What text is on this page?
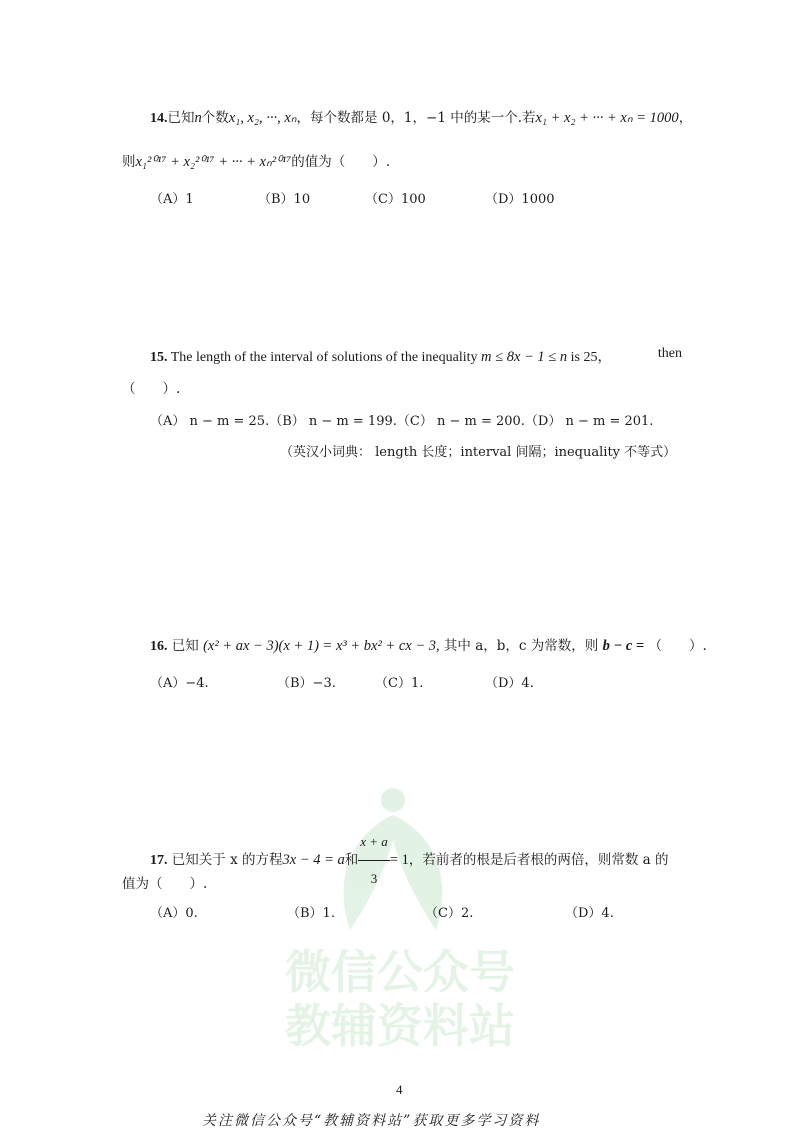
微信公众号
教辅资料站
14.已知n个数x₁, x₂, ···, xₙ，每个数都是 0，1，−1 中的某一个.若x₁ + x₂ + ··· + xₙ = 1000，
则x₁²⁰¹⁷ + x₂²⁰¹⁷ + ··· + xₙ²⁰¹⁷的值为（　　）.
（A）1	（B）10	（C）100	（D）1000
15. The length of the interval of solutions of the inequality m ≤ 8x − 1 ≤ n is 25，	then
（　　）.
（A） n − m = 25.（B） n − m = 199.（C） n − m = 200.（D） n − m = 201.
（英汉小词典： length 长度；interval 间隔；inequality 不等式）
16. 已知 (x² + ax − 3)(x + 1) = x³ + bx² + cx − 3, 其中 a，b，c 为常数，则 b − c = （　　）.
（A）−4.	（B）−3.	（C）1.	（D）4.
17. 已知关于 x 的方程3x − 4 = a和 $\frac{x + a}{3} = 1$，若前者的根是后者根的两倍，则常数 a 的
值为（　　）.
（A）0.	（B）1.	（C）2.	（D）4.
4
关注微信公众号“教辅资料站”获取更多学习资料
